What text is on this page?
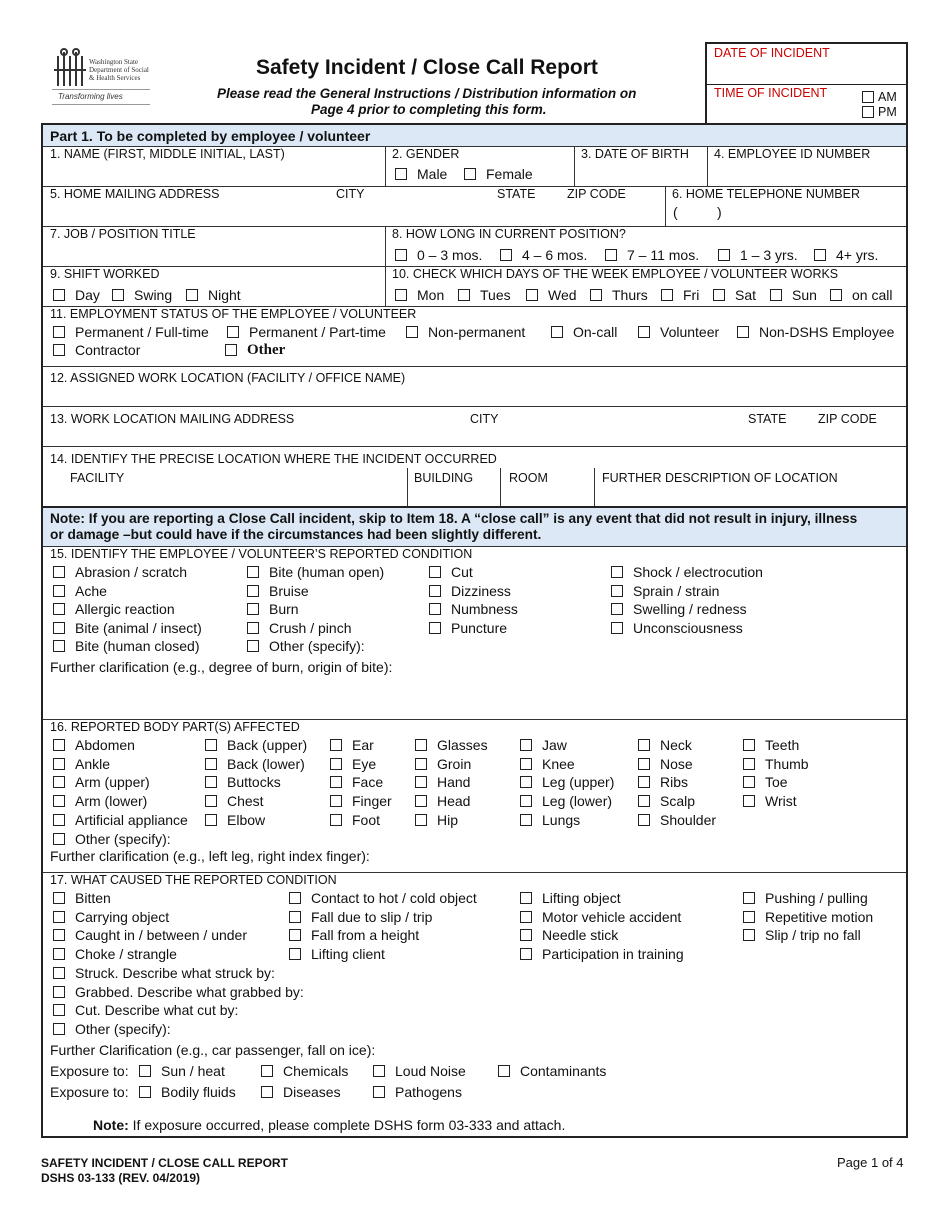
Washington State
Department of Social
& Health Services
Transforming lives
Safety Incident / Close Call Report
Please read the General Instructions / Distribution information on
Page 4 prior to completing this form.
DATE OF INCIDENT
TIME OF INCIDENT	AM
PM
Part 1. To be completed by employee / volunteer
1. NAME (FIRST, MIDDLE INITIAL, LAST)	2. GENDER
Male	Female
3. DATE OF BIRTH 4. EMPLOYEE ID NUMBER
5. HOME MAILING ADDRESS	CITY	STATE	ZIP CODE	6. HOME TELEPHONE NUMBER
(	)
7. JOB / POSITION TITLE	8. HOW LONG IN CURRENT POSITION?
0 – 3 mos.	4 – 6 mos.	7 – 11 mos.	1 – 3 yrs.	4+ yrs.
9. SHIFT WORKED
Day Swing	Night
10. CHECK WHICH DAYS OF THE WEEK EMPLOYEE / VOLUNTEER WORKS
Mon	Tues	Wed	Thurs	Fri	Sat	Sun	on call
11. EMPLOYMENT STATUS OF THE EMPLOYEE / VOLUNTEER
Permanent / Full-time	Permanent / Part-time	Non-permanent	On-call	Volunteer	Non-DSHS Employee
Contractor	Other
12. ASSIGNED WORK LOCATION (FACILITY / OFFICE NAME)
13. WORK LOCATION MAILING ADDRESS	CITY	STATE	ZIP CODE
14. IDENTIFY THE PRECISE LOCATION WHERE THE INCIDENT OCCURRED
FACILITY	BUILDING	ROOM	FURTHER DESCRIPTION OF LOCATION
Note: If you are reporting a Close Call incident, skip to Item 18. A “close call” is any event that did not result in injury, illness
or damage –but could have if the circumstances had been slightly different.
15. IDENTIFY THE EMPLOYEE / VOLUNTEER’S REPORTED CONDITION
Abrasion / scratch
Ache
Allergic reaction
Bite (animal / insect)
Bite (human closed)
Bite (human open)
Bruise
Burn
Crush / pinch
Other (specify):
Cut
Dizziness
Numbness
Puncture
Shock / electrocution
Sprain / strain
Swelling / redness
Unconsciousness
Further clarification (e.g., degree of burn, origin of bite):
16. REPORTED BODY PART(S) AFFECTED
Abdomen
Ankle
Arm (upper)
Arm (lower)
Artificial appliance
Other (specify):
Back (upper)
Back (lower)
Buttocks
Chest
Elbow
Ear
Eye
Face
Finger
Foot
Glasses
Groin
Hand
Head
Hip
Jaw
Knee
Leg (upper)
Leg (lower)
Lungs
Neck
Nose
Ribs
Scalp
Shoulder
Teeth
Thumb
Toe
Wrist
Further clarification (e.g., left leg, right index finger):
17. WHAT CAUSED THE REPORTED CONDITION
Bitten
Carrying object
Caught in / between / under
Choke / strangle
Contact to hot / cold object
Fall due to slip / trip
Fall from a height
Lifting client
Lifting object
Motor vehicle accident
Needle stick
Participation in training
Pushing / pulling
Repetitive motion
Slip / trip no fall
Struck. Describe what struck by:
Grabbed. Describe what grabbed by:
Cut. Describe what cut by:
Other (specify):
Further Clarification (e.g., car passenger, fall on ice):
Exposure to:
Exposure to:
Sun / heat	Chemicals	Loud Noise	Contaminants
Bodily fluids	Diseases	Pathogens
Note: If exposure occurred, please complete DSHS form 03-333 and attach.
SAFETY INCIDENT / CLOSE CALL REPORT
DSHS 03-133 (REV. 04/2019)
Page 1 of 4
